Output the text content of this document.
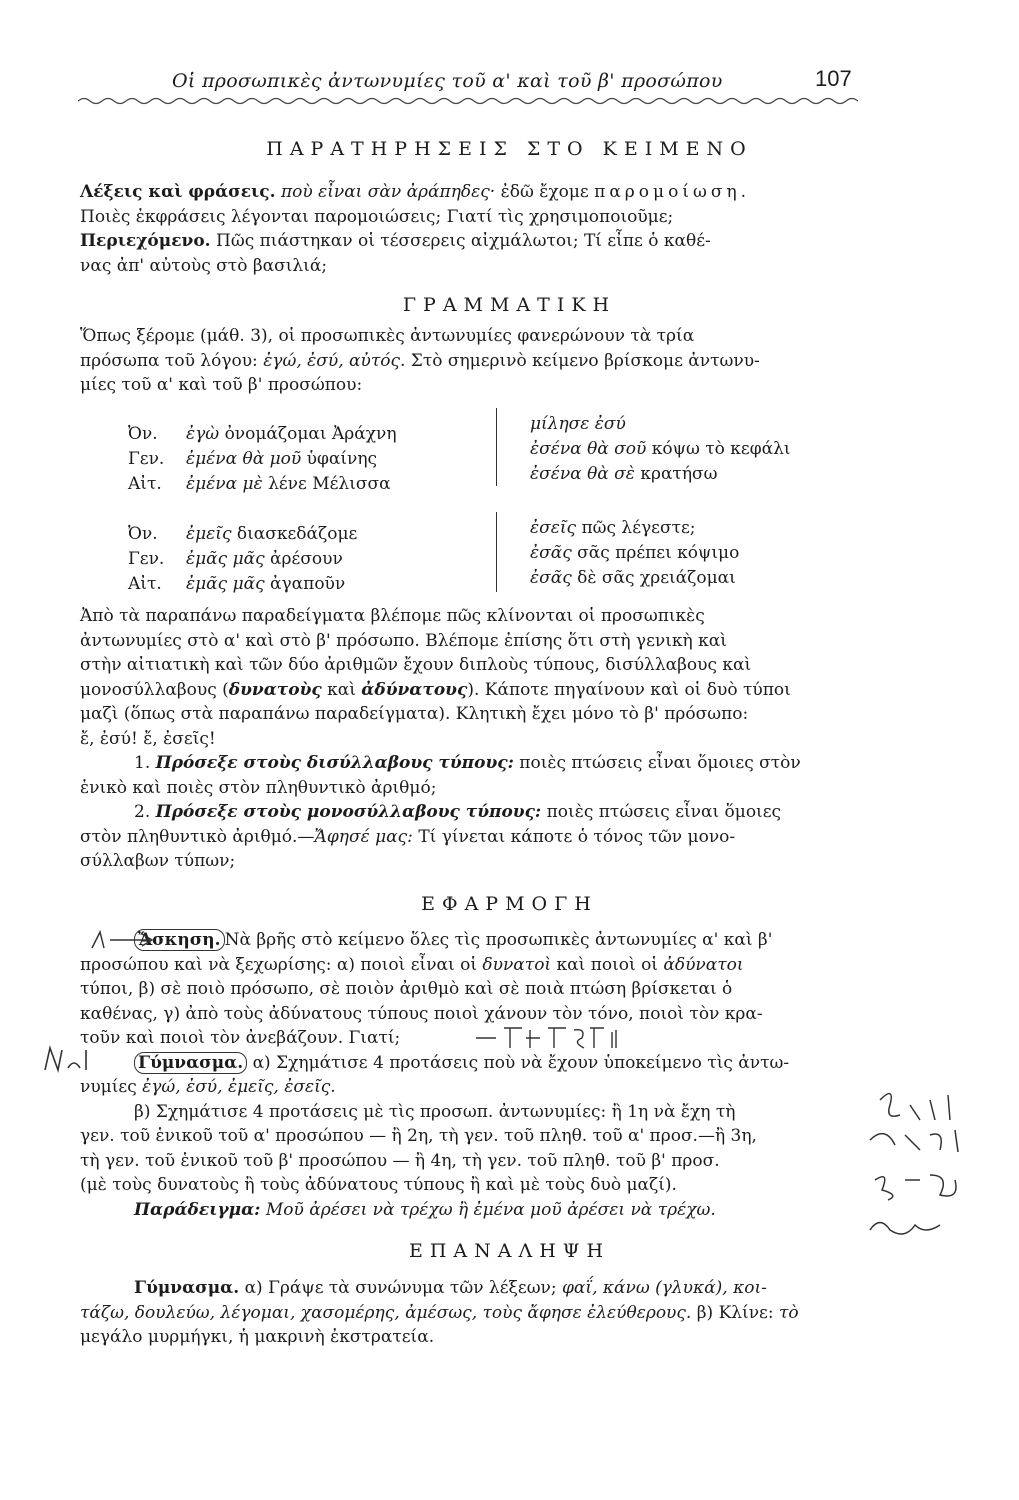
Οἱ προσωπικὲς ἀντωνυμίες τοῦ α' καὶ τοῦ β' προσώπου	107
ΠΑΡΑΤΗΡΗΣΕΙΣ ΣΤΟ ΚΕΙΜΕΝΟ
Λέξεις καὶ φράσεις. ποὺ εἶναι σὰν ἀράπηδες· ἐδῶ ἔχομε παρομοίωση.
Ποιὲς ἐκφράσεις λέγονται παρομοιώσεις; Γιατί τὶς χρησιμοποιοῦμε;
Περιεχόμενο. Πῶς πιάστηκαν οἱ τέσσερεις αἰχμάλωτοι; Τί εἶπε ὁ καθέ-
νας ἀπ' αὐτοὺς στὸ βασιλιά;
ΓΡΑΜΜΑΤΙΚΗ
Ὅπως ξέρομε (μάθ. 3), οἱ προσωπικὲς ἀντωνυμίες φανερώνουν τὰ τρία
πρόσωπα τοῦ λόγου: ἐγώ, ἐσύ, αὐτός. Στὸ σημερινὸ κείμενο βρίσκομε ἀντωνυ-
μίες τοῦ α' καὶ τοῦ β' προσώπου:
Ὀν. ἐγὼ ὀνομάζομαι Ἀράχνη
Γεν. ἐμένα θὰ μοῦ ὑφαίνης
Αἰτ. ἐμένα μὲ λένε Μέλισσα
μίλησε ἐσύ
ἐσένα θὰ σοῦ κόψω τὸ κεφάλι
ἐσένα θὰ σὲ κρατήσω
Ὀν. ἐμεῖς διασκεδάζομε
Γεν. ἐμᾶς μᾶς ἀρέσουν
Αἰτ. ἐμᾶς μᾶς ἀγαποῦν
ἐσεῖς πῶς λέγεστε;
ἐσᾶς σᾶς πρέπει κόψιμο
ἐσᾶς δὲ σᾶς χρειάζομαι
Ἀπὸ τὰ παραπάνω παραδείγματα βλέπομε πῶς κλίνονται οἱ προσωπικὲς
ἀντωνυμίες στὸ α' καὶ στὸ β' πρόσωπο. Βλέπομε ἐπίσης ὅτι στὴ γενικὴ καὶ
στὴν αἰτιατικὴ καὶ τῶν δύο ἀριθμῶν ἔχουν διπλοὺς τύπους, δισύλλαβους καὶ
μονοσύλλαβους (δυνατοὺς καὶ ἀδύνατους). Κάποτε πηγαίνουν καὶ οἱ δυὸ τύποι
μαζὶ (ὅπως στὰ παραπάνω παραδείγματα). Κλητικὴ ἔχει μόνο τὸ β' πρόσωπο:
ἔ, ἐσύ! ἔ, ἐσεῖς!
1. Πρόσεξε στοὺς δισύλλαβους τύπους: ποιὲς πτώσεις εἶναι ὅμοιες στὸν
ἑνικὸ καὶ ποιὲς στὸν πληθυντικὸ ἀριθμό;
2. Πρόσεξε στοὺς μονοσύλλαβους τύπους: ποιὲς πτώσεις εἶναι ὅμοιες
στὸν πληθυντικὸ ἀριθμό.—Ἄφησέ μας: Τί γίνεται κάποτε ὁ τόνος τῶν μονο-
σύλλαβων τύπων;
ΕΦΑΡΜΟΓΗ
Ἄσκηση. Νὰ βρῆς στὸ κείμενο ὅλες τὶς προσωπικὲς ἀντωνυμίες α' καὶ β'
προσώπου καὶ νὰ ξεχωρίσης: α) ποιοὶ εἶναι οἱ δυνατοὶ καὶ ποιοὶ οἱ ἀδύνατοι
τύποι, β) σὲ ποιὸ πρόσωπο, σὲ ποιὸν ἀριθμὸ καὶ σὲ ποιὰ πτώση βρίσκεται ὁ
καθένας, γ) ἀπὸ τοὺς ἀδύνατους τύπους ποιοὶ χάνουν τὸν τόνο, ποιοὶ τὸν κρα-
τοῦν καὶ ποιοὶ τὸν ἀνεβάζουν. Γιατί;
Γύμνασμα. α) Σχημάτισε 4 προτάσεις ποὺ νὰ ἔχουν ὑποκείμενο τὶς ἀντω-
νυμίες ἐγώ, ἐσύ, ἐμεῖς, ἐσεῖς.
β) Σχημάτισε 4 προτάσεις μὲ τὶς προσωπ. ἀντωνυμίες: ἢ 1η νὰ ἔχη τὴ
γεν. τοῦ ἑνικοῦ τοῦ α' προσώπου — ἢ 2η, τὴ γεν. τοῦ πληθ. τοῦ α' προσ.—ἢ 3η,
τὴ γεν. τοῦ ἑνικοῦ τοῦ β' προσώπου — ἢ 4η, τὴ γεν. τοῦ πληθ. τοῦ β' προσ.
(μὲ τοὺς δυνατοὺς ἢ τοὺς ἀδύνατους τύπους ἢ καὶ μὲ τοὺς δυὸ μαζί).
Παράδειγμα: Μοῦ ἀρέσει νὰ τρέχω ἢ ἐμένα μοῦ ἀρέσει νὰ τρέχω.
ΕΠΑΝΑΛΗΨΗ
Γύμνασμα. α) Γράψε τὰ συνώνυμα τῶν λέξεων; φαΐ, κάνω (γλυκά), κοι-
τάζω, δουλεύω, λέγομαι, χασομέρης, ἀμέσως, τοὺς ἄφησε ἐλεύθερους. β) Κλίνε: τὸ
μεγάλο μυρμήγκι, ἡ μακρινὴ ἐκστρατεία.
